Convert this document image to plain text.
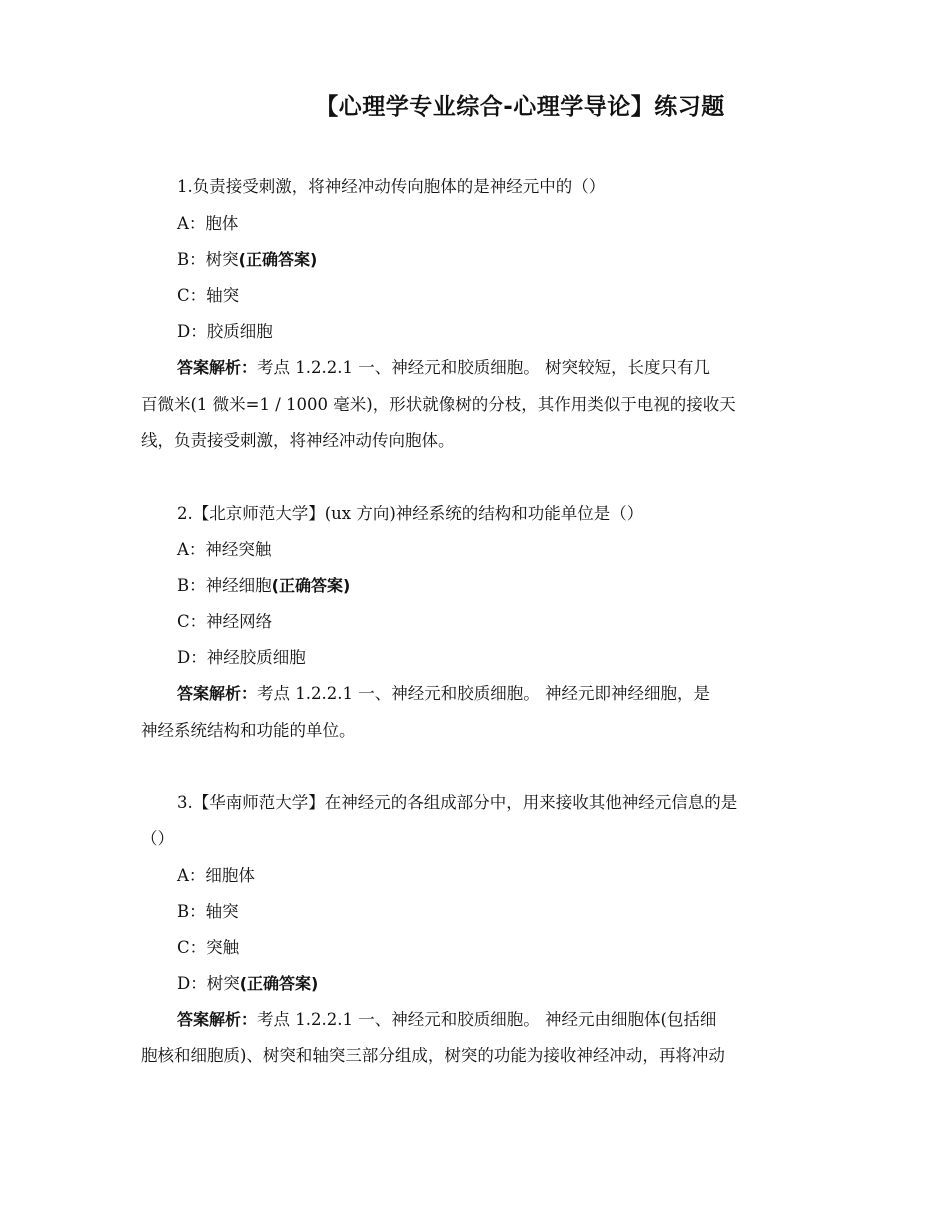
【心理学专业综合-心理学导论】练习题
1.负责接受刺激，将神经冲动传向胞体的是神经元中的（）
A：胞体
B：树突(正确答案)
C：轴突
D：胶质细胞
答案解析：考点 1.2.2.1 一、神经元和胶质细胞。 树突较短，长度只有几
百微米(1 微米=1 / 1000 毫米)，形状就像树的分枝，其作用类似于电视的接收天
线，负责接受刺激，将神经冲动传向胞体。
2.【北京师范大学】(ux 方向)神经系统的结构和功能单位是（）
A：神经突触
B：神经细胞(正确答案)
C：神经网络
D：神经胶质细胞
答案解析：考点 1.2.2.1 一、神经元和胶质细胞。 神经元即神经细胞，是
神经系统结构和功能的单位。
3.【华南师范大学】在神经元的各组成部分中，用来接收其他神经元信息的是
（）
A：细胞体
B：轴突
C：突触
D：树突(正确答案)
答案解析：考点 1.2.2.1 一、神经元和胶质细胞。 神经元由细胞体(包括细
胞核和细胞质)、树突和轴突三部分组成，树突的功能为接收神经冲动，再将冲动
